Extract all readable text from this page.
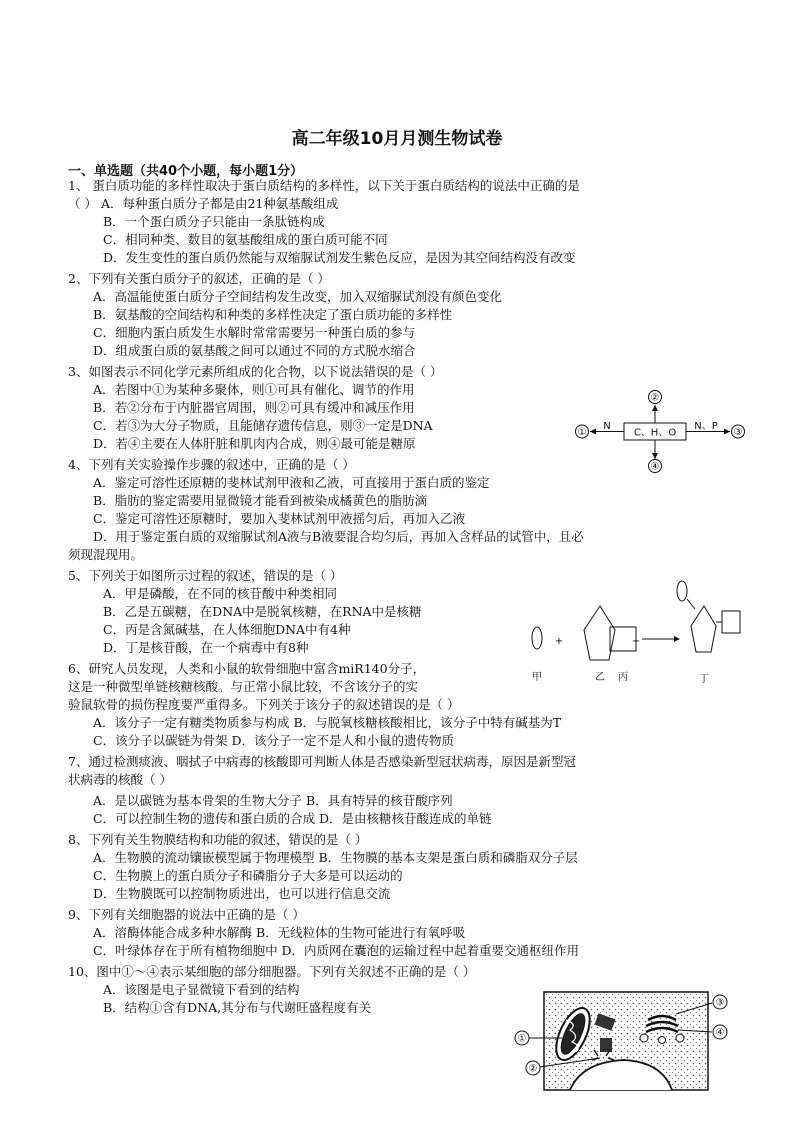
高二年级10月月测生物试卷
一、单选题（共40个小题，每小题1分）
1、 蛋白质功能的多样性取决于蛋白质结构的多样性，以下关于蛋白质结构的说法中正确的是
（ ） A．每种蛋白质分子都是由21种氨基酸组成
B．一个蛋白质分子只能由一条肽链构成
C．相同种类、数目的氨基酸组成的蛋白质可能不同
D．发生变性的蛋白质仍然能与双缩脲试剂发生紫色反应，是因为其空间结构没有改变
2、下列有关蛋白质分子的叙述，正确的是（ ）
A．高温能使蛋白质分子空间结构发生改变，加入双缩脲试剂没有颜色变化
B．氨基酸的空间结构和种类的多样性决定了蛋白质功能的多样性
C．细胞内蛋白质发生水解时常常需要另一种蛋白质的参与
D．组成蛋白质的氨基酸之间可以通过不同的方式脱水缩合
3、如图表示不同化学元素所组成的化合物，以下说法错误的是（ ）
A．若图中①为某种多聚体，则①可具有催化、调节的作用
B．若②分布于内脏器官周围，则②可具有缓冲和减压作用
C．若③为大分子物质，且能储存遗传信息，则③一定是DNA
D．若④主要在人体肝脏和肌肉内合成，则④最可能是糖原
4、下列有关实验操作步骤的叙述中，正确的是（ ）
A．鉴定可溶性还原糖的斐林试剂甲液和乙液，可直接用于蛋白质的鉴定
B．脂肪的鉴定需要用显微镜才能看到被染成橘黄色的脂肪滴
C．鉴定可溶性还原糖时，要加入斐林试剂甲液摇匀后，再加入乙液
D．用于鉴定蛋白质的双缩脲试剂A液与B液要混合均匀后，再加入含样品的试管中，且必
须现混现用。
5、下列关于如图所示过程的叙述，错误的是（ ）
A．甲是磷酸，在不同的核苷酸中种类相同
B．乙是五碳糖，在DNA中是脱氧核糖，在RNA中是核糖
C．丙是含氮碱基，在人体细胞DNA中有4种
D．丁是核苷酸，在一个病毒中有8种
6、研究人员发现，人类和小鼠的软骨细胞中富含miR140分子，
这是一种微型单链核糖核酸。与正常小鼠比较，不含该分子的实
验鼠软骨的损伤程度要严重得多。下列关于该分子的叙述错误的是（ ）
A．该分子一定有糖类物质参与构成 B．与脱氧核糖核酸相比，该分子中特有碱基为T
C．该分子以碳链为骨架 D．该分子一定不是人和小鼠的遗传物质
7、通过检测痰液、咽拭子中病毒的核酸即可判断人体是否感染新型冠状病毒，原因是新型冠
状病毒的核酸（ ）
A．是以碳链为基本骨架的生物大分子 B．具有特异的核苷酸序列
C．可以控制生物的遗传和蛋白质的合成 D．是由核糖核苷酸连成的单链
8、下列有关生物膜结构和功能的叙述，错误的是（ ）
A．生物膜的流动镶嵌模型属于物理模型 B．生物膜的基本支架是蛋白质和磷脂双分子层
C．生物膜上的蛋白质分子和磷脂分子大多是可以运动的
D．生物膜既可以控制物质进出，也可以进行信息交流
9、下列有关细胞器的说法中正确的是（ ）
A．溶酶体能合成多种水解酶 B．无线粒体的生物可能进行有氧呼吸
C．叶绿体存在于所有植物细胞中 D．内质网在囊泡的运输过程中起着重要交通枢纽作用
10、图中①～④表示某细胞的部分细胞器。下列有关叙述不正确的是（ ）
A．该图是电子显微镜下看到的结构
B．结构①含有DNA,其分布与代谢旺盛程度有关
C、H、O
N	N、P
①
②
③
④
+	+
甲	乙 丙	丁
①
②
③
④
